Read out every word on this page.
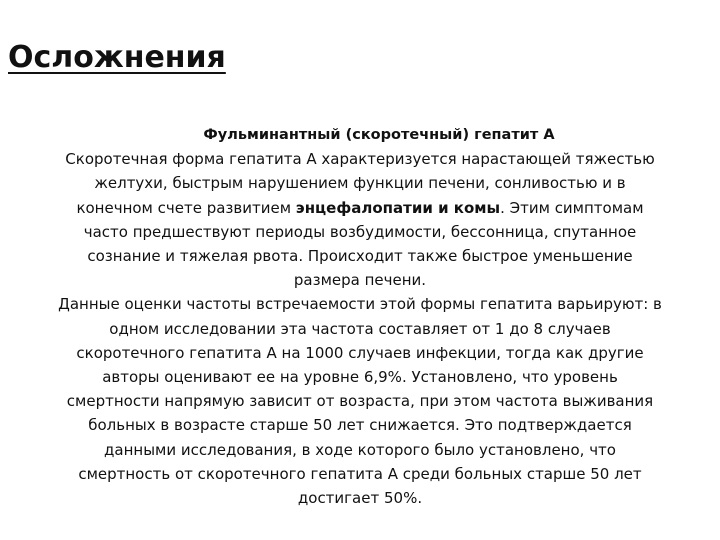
Осложнения
Фульминантный (скоротечный) гепатит А
Скоротечная форма гепатита А характеризуется нарастающей тяжестью
желтухи, быстрым нарушением функции печени, сонливостью и в
конечном счете развитием энцефалопатии и комы. Этим симптомам
часто предшествуют периоды возбудимости, бессонница, спутанное
сознание и тяжелая рвота. Происходит также быстрое уменьшение
размера печени.
Данные оценки частоты встречаемости этой формы гепатита варьируют: в
одном исследовании эта частота составляет от 1 до 8 случаев
скоротечного гепатита А на 1000 случаев инфекции, тогда как другие
авторы оценивают ее на уровне 6,9%. Установлено, что уровень
смертности напрямую зависит от возраста, при этом частота выживания
больных в возрасте старше 50 лет снижается. Это подтверждается
данными исследования, в ходе которого было установлено, что
смертность от скоротечного гепатита А среди больных старше 50 лет
достигает 50%.
